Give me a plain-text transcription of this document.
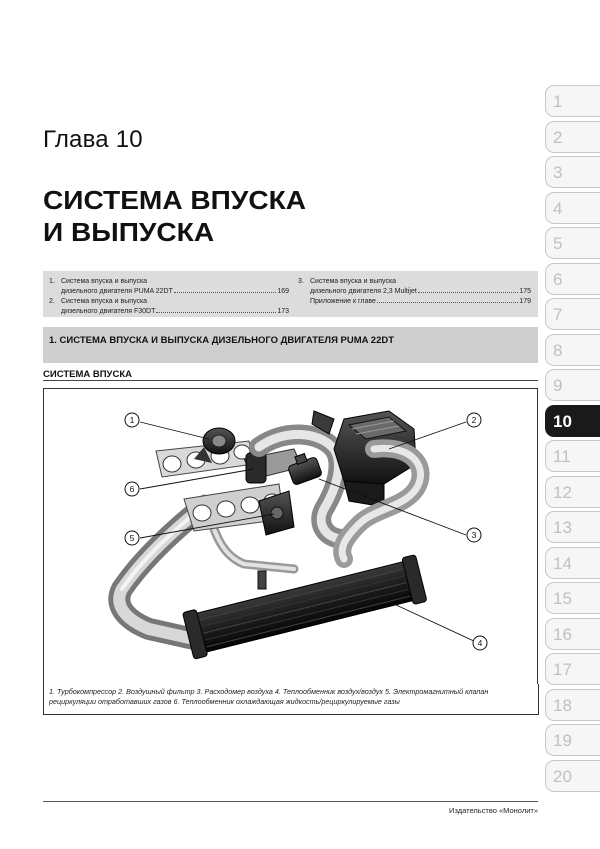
Глава 10
СИСТЕМА ВПУСКА
И ВЫПУСКА
1. Система впуска и выпуска
дизельного двигателя PUMA 22DT	169
2. Система впуска и выпуска
дизельного двигателя F30DT	173
3. Система впуска и выпуска
дизельного двигателя 2,3 Multijet	175
Приложение к главе	179
1. СИСТЕМА ВПУСКА И ВЫПУСКА ДИЗЕЛЬНОГО ДВИГАТЕЛЯ PUMA 22DT
СИСТЕМА ВПУСКА
1	2
3
4
5
6
1. Турбокомпрессор 2. Воздушный фильтр 3. Расходомер воздуха 4. Теплообменник воздух/воздух 5. Электромагнитный клапан рециркуляции отработавших газов 6. Теплообменник охлаждающая жидкость/рециркулируемые газы
Издательство «Монолит»
1
2
3
4
5
6
7
8
9
10
11
12
13
14
15
16
17
18
19
20
